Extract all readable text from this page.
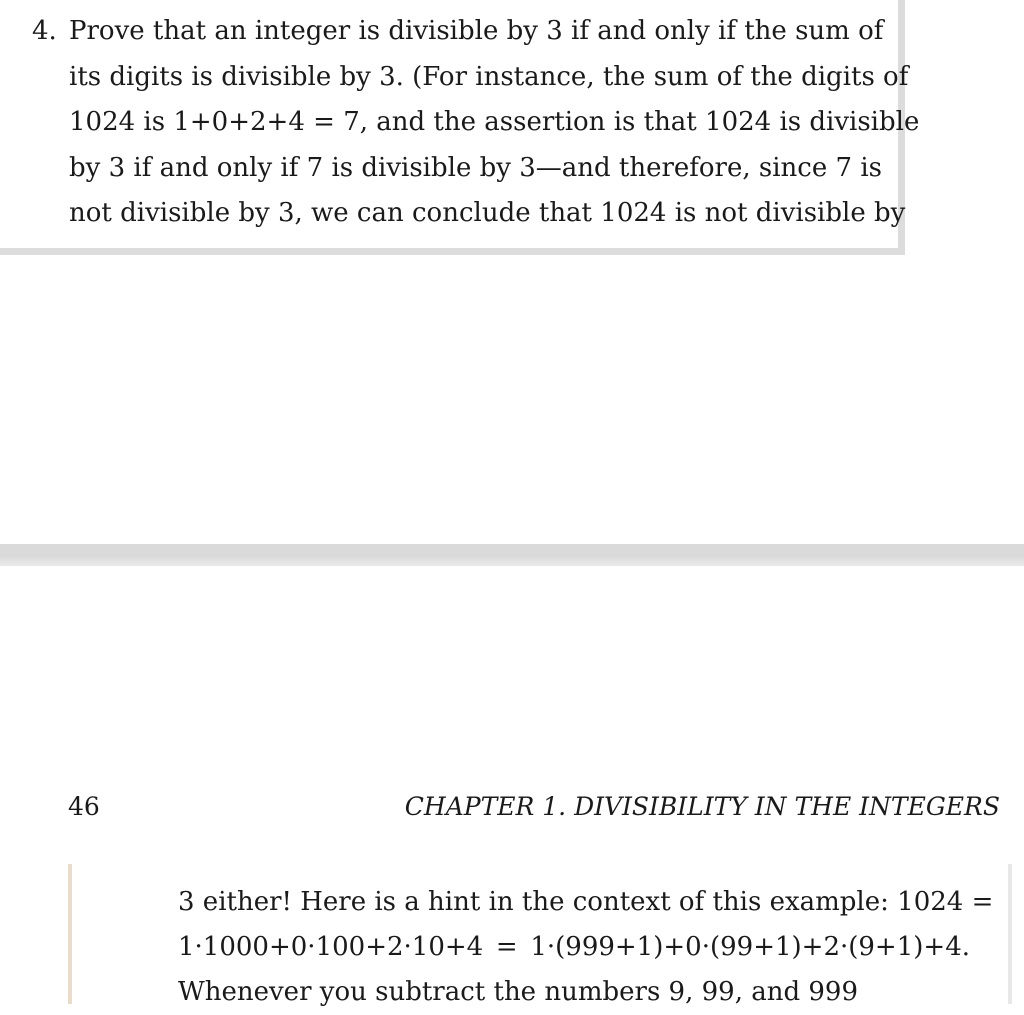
4. Prove that an integer is divisible by 3 if and only if the sum of
its digits is divisible by 3. (For instance, the sum of the digits of
1024 is 1+0+2+4 = 7, and the assertion is that 1024 is divisible
by 3 if and only if 7 is divisible by 3—and therefore, since 7 is
not divisible by 3, we can conclude that 1024 is not divisible by
46	CHAPTER 1. DIVISIBILITY IN THE INTEGERS
3 either! Here is a hint in the context of this example: 1024 =
1·1000+0·100+2·10+4 = 1·(999+1)+0·(99+1)+2·(9+1)+4.
Whenever you subtract the numbers 9, 99, and 999
